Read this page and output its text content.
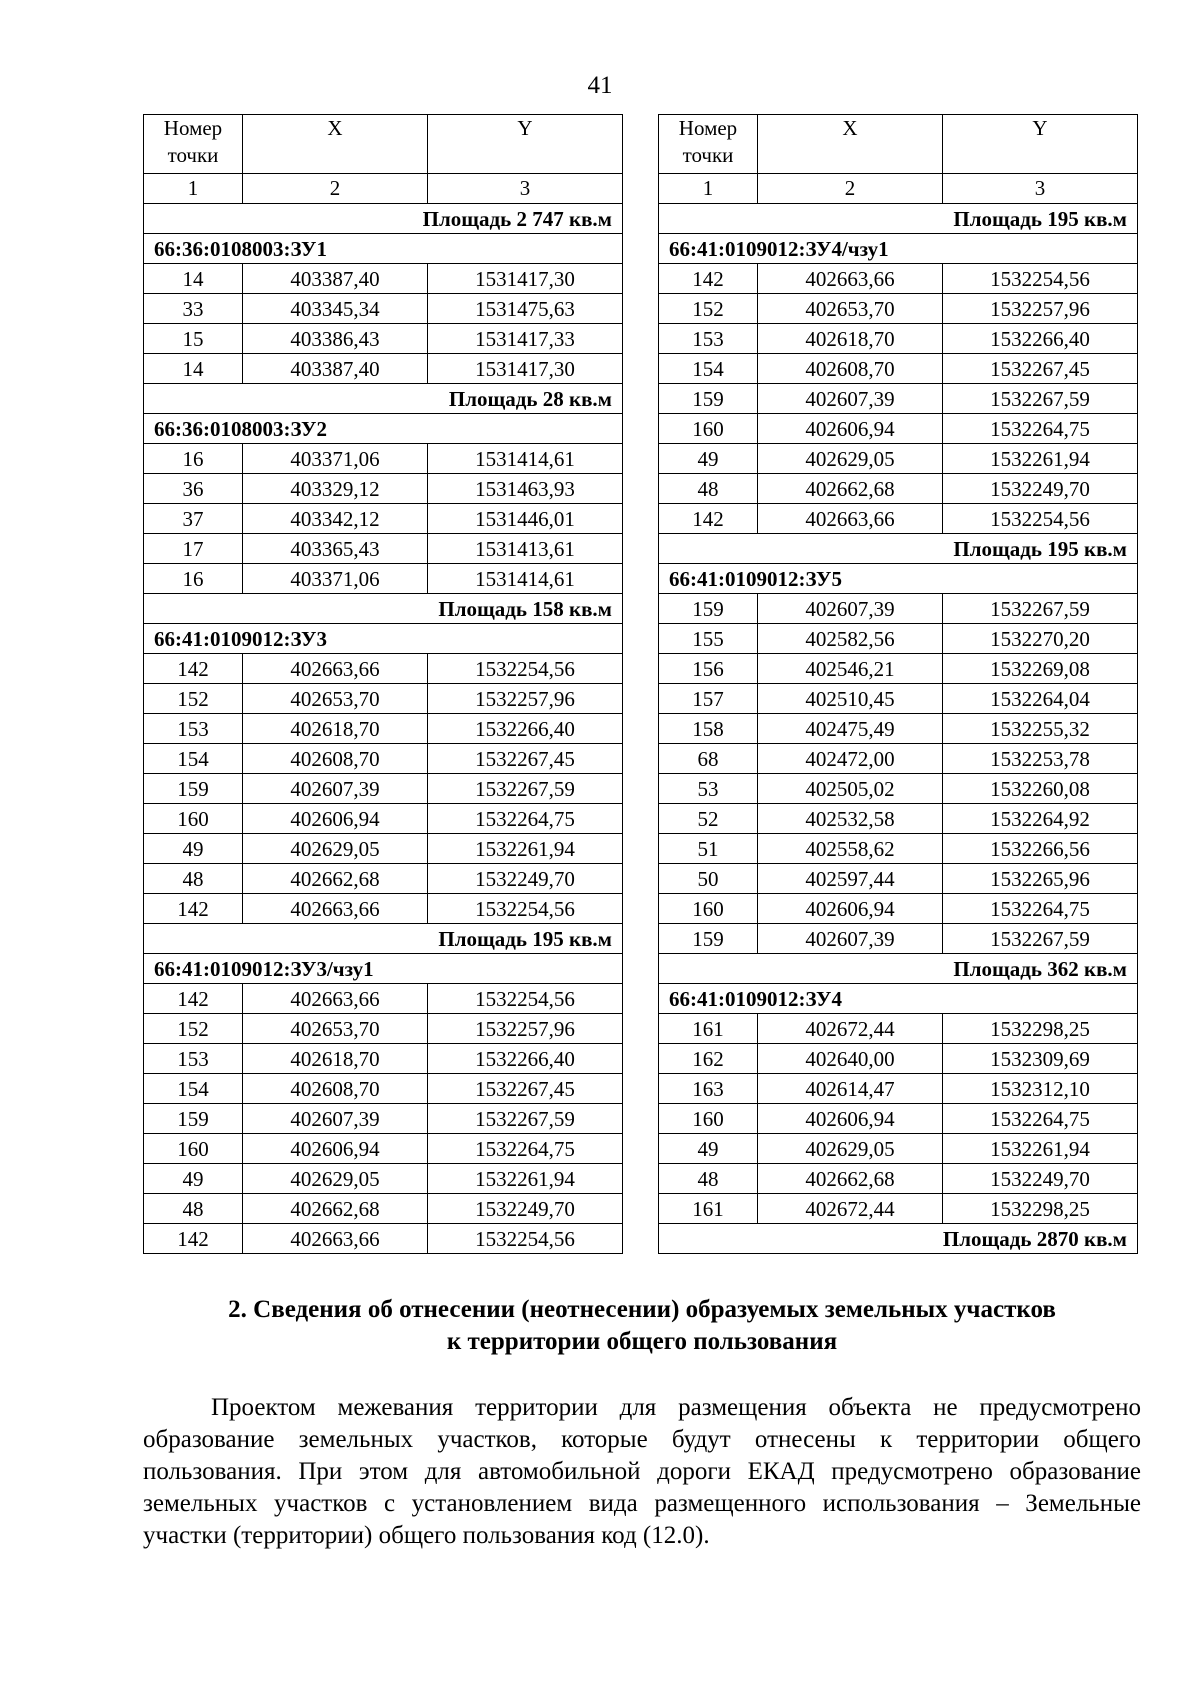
41
Номер
точки	X	Y
1	2	3
Площадь 2 747 кв.м		
66:36:0108003:ЗУ1		
14	403387,40	1531417,30
33	403345,34	1531475,63
15	403386,43	1531417,33
14	403387,40	1531417,30
Площадь 28 кв.м		
66:36:0108003:ЗУ2		
16	403371,06	1531414,61
36	403329,12	1531463,93
37	403342,12	1531446,01
17	403365,43	1531413,61
16	403371,06	1531414,61
Площадь 158 кв.м		
66:41:0109012:ЗУ3		
142	402663,66	1532254,56
152	402653,70	1532257,96
153	402618,70	1532266,40
154	402608,70	1532267,45
159	402607,39	1532267,59
160	402606,94	1532264,75
49	402629,05	1532261,94
48	402662,68	1532249,70
142	402663,66	1532254,56
Площадь 195 кв.м		
66:41:0109012:ЗУ3/чзу1		
142	402663,66	1532254,56
152	402653,70	1532257,96
153	402618,70	1532266,40
154	402608,70	1532267,45
159	402607,39	1532267,59
160	402606,94	1532264,75
49	402629,05	1532261,94
48	402662,68	1532249,70
142	402663,66	1532254,56
Номер
точки	X	Y
1	2	3
Площадь 195 кв.м		
66:41:0109012:ЗУ4/чзу1		
142	402663,66	1532254,56
152	402653,70	1532257,96
153	402618,70	1532266,40
154	402608,70	1532267,45
159	402607,39	1532267,59
160	402606,94	1532264,75
49	402629,05	1532261,94
48	402662,68	1532249,70
142	402663,66	1532254,56
Площадь 195 кв.м		
66:41:0109012:ЗУ5		
159	402607,39	1532267,59
155	402582,56	1532270,20
156	402546,21	1532269,08
157	402510,45	1532264,04
158	402475,49	1532255,32
68	402472,00	1532253,78
53	402505,02	1532260,08
52	402532,58	1532264,92
51	402558,62	1532266,56
50	402597,44	1532265,96
160	402606,94	1532264,75
159	402607,39	1532267,59
Площадь 362 кв.м		
66:41:0109012:ЗУ4		
161	402672,44	1532298,25
162	402640,00	1532309,69
163	402614,47	1532312,10
160	402606,94	1532264,75
49	402629,05	1532261,94
48	402662,68	1532249,70
161	402672,44	1532298,25
Площадь 2870 кв.м		
2. Сведения об отнесении (неотнесении) образуемых земельных участков
к территории общего пользования

Проектом межевания территории для размещения объекта не предусмотрено образование земельных участков, которые будут отнесены к территории общего пользования. При этом для автомобильной дороги ЕКАД предусмотрено образование земельных участков с установлением вида размещенного использования – Земельные участки (территории) общего пользования код (12.0).
